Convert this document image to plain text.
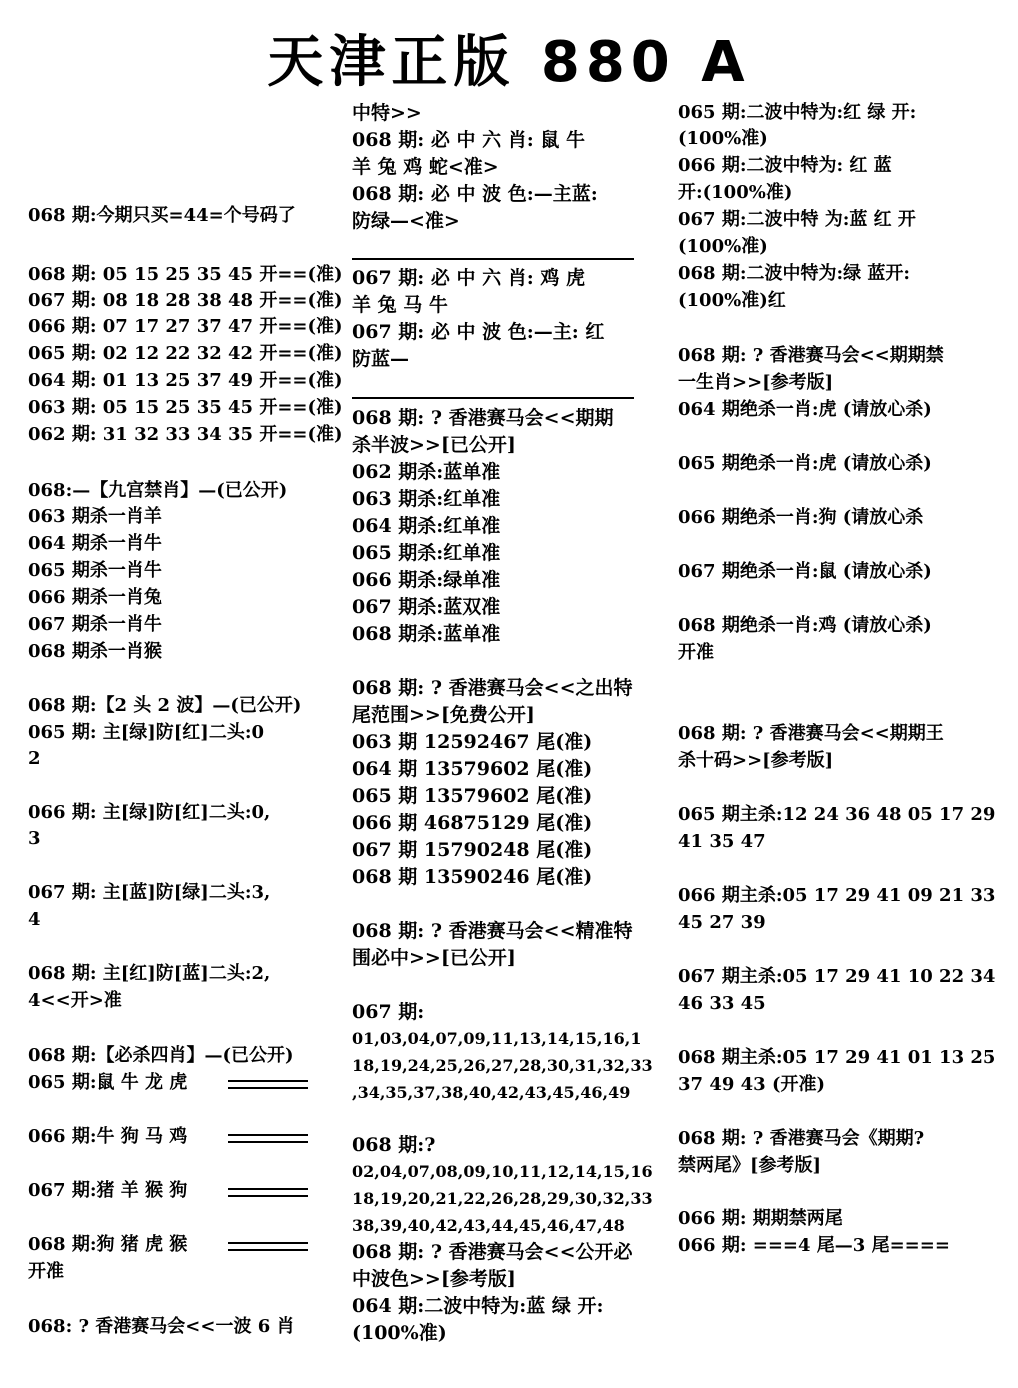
天津正版 880 A
068 期:今期只买=44=个号码了
068 期: 05 15 25 35 45 开==(准)
067 期: 08 18 28 38 48 开==(准)
066 期: 07 17 27 37 47 开==(准)
065 期: 02 12 22 32 42 开==(准)
064 期: 01 13 25 37 49 开==(准)
063 期: 05 15 25 35 45 开==(准)
062 期: 31 32 33 34 35 开==(准)
068:—【九宫禁肖】—(已公开)
063 期杀一肖羊
064 期杀一肖牛
065 期杀一肖牛
066 期杀一肖兔
067 期杀一肖牛
068 期杀一肖猴
068 期:【2 头 2 波】—(已公开)
065 期: 主[绿]防[红]二头:0
2
066 期: 主[绿]防[红]二头:0,
3
067 期: 主[蓝]防[绿]二头:3,
4
068 期: 主[红]防[蓝]二头:2,
4<<开>准
068 期:【必杀四肖】—(已公开)
065 期:鼠 牛 龙 虎
066 期:牛 狗 马 鸡
067 期:猪 羊 猴 狗
068 期:狗 猪 虎 猴
开准
068: ? 香港赛马会<<一波 6 肖
中特>>
068 期: 必 中 六 肖: 鼠 牛
羊 兔 鸡 蛇<准>
068 期: 必 中 波 色:—主蓝:
防绿—<准>
067 期: 必 中 六 肖: 鸡 虎
羊 兔 马 牛
067 期: 必 中 波 色:—主: 红
防蓝—
068 期: ? 香港赛马会<<期期
杀半波>>[已公开]
062 期杀:蓝单准
063 期杀:红单准
064 期杀:红单准
065 期杀:红单准
066 期杀:绿单准
067 期杀:蓝双准
068 期杀:蓝单准
068 期: ? 香港赛马会<<之出特
尾范围>>[免费公开]
063 期 12592467 尾(准)
064 期 13579602 尾(准)
065 期 13579602 尾(准)
066 期 46875129 尾(准)
067 期 15790248 尾(准)
068 期 13590246 尾(准)
068 期: ? 香港赛马会<<精准特
围必中>>[已公开]
067 期:
01,03,04,07,09,11,13,14,15,16,1
18,19,24,25,26,27,28,30,31,32,33
,34,35,37,38,40,42,43,45,46,49
068 期:?
02,04,07,08,09,10,11,12,14,15,16
18,19,20,21,22,26,28,29,30,32,33
38,39,40,42,43,44,45,46,47,48
068 期: ? 香港赛马会<<公开必
中波色>>[参考版]
064 期:二波中特为:蓝 绿 开:
(100%准)
065 期:二波中特为:红 绿 开:
(100%准)
066 期:二波中特为: 红 蓝
开:(100%准)
067 期:二波中特 为:蓝 红 开
(100%准)
068 期:二波中特为:绿 蓝开:
(100%准)红
068 期: ? 香港赛马会<<期期禁
一生肖>>[参考版]
064 期绝杀一肖:虎 (请放心杀)
065 期绝杀一肖:虎 (请放心杀)
066 期绝杀一肖:狗 (请放心杀
067 期绝杀一肖:鼠 (请放心杀)
068 期绝杀一肖:鸡 (请放心杀)
开准
068 期: ? 香港赛马会<<期期王
杀十码>>[参考版]
065 期主杀:12 24 36 48 05 17 29
41 35 47
066 期主杀:05 17 29 41 09 21 33
45 27 39
067 期主杀:05 17 29 41 10 22 34
46 33 45
068 期主杀:05 17 29 41 01 13 25
37 49 43 (开准)
068 期: ? 香港赛马会《期期?
禁两尾》[参考版]
066 期: 期期禁两尾
066 期: ===4 尾—3 尾====
